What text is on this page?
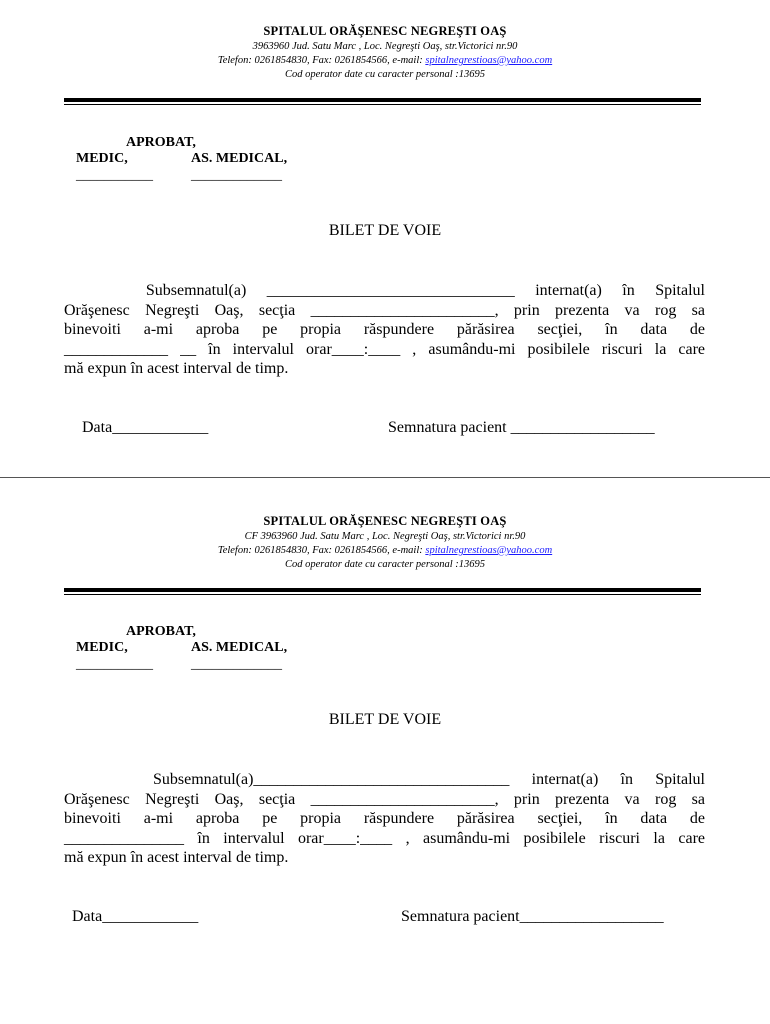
SPITALUL ORĂŞENESC NEGREŞTI OAŞ
3963960 Jud. Satu Marc , Loc. Negreşti Oaş, str.Victorici nr.90
Telefon: 0261854830, Fax: 0261854566, e-mail: spitalnegrestioas@yahoo.com
Cod operator date cu caracter personal :13695
APROBAT,
MEDIC,	AS. MEDICAL,
___________	_____________
BILET DE VOIE
Subsemnatul(a)  _______________________________  internat(a)  în  Spitalul
Orăşenesc Negreşti Oaş, secţia _______________________, prin prezenta va rog sa
binevoiti a-mi aproba pe propia răspundere părăsirea secţiei, în data de
_____________ __ în intervalul orar____:____ , asumându-mi posibilele riscuri la care
mă expun în acest interval de timp.
Data____________	Semnatura pacient __________________
SPITALUL ORĂŞENESC NEGREŞTI OAŞ
CF 3963960 Jud. Satu Marc , Loc. Negreşti Oaş, str.Victorici nr.90
Telefon: 0261854830, Fax: 0261854566, e-mail: spitalnegrestioas@yahoo.com
Cod operator date cu caracter personal :13695
APROBAT,
MEDIC,	AS. MEDICAL,
___________	_____________
BILET DE VOIE
Subsemnatul(a)________________________________  internat(a)  în  Spitalul
Orăşenesc Negreşti Oaş, secţia _______________________, prin prezenta va rog sa
binevoiti a-mi aproba pe propia răspundere părăsirea secţiei, în data de
_______________ în intervalul orar____:____ , asumându-mi posibilele riscuri la care
mă expun în acest interval de timp.
Data____________	Semnatura pacient__________________
